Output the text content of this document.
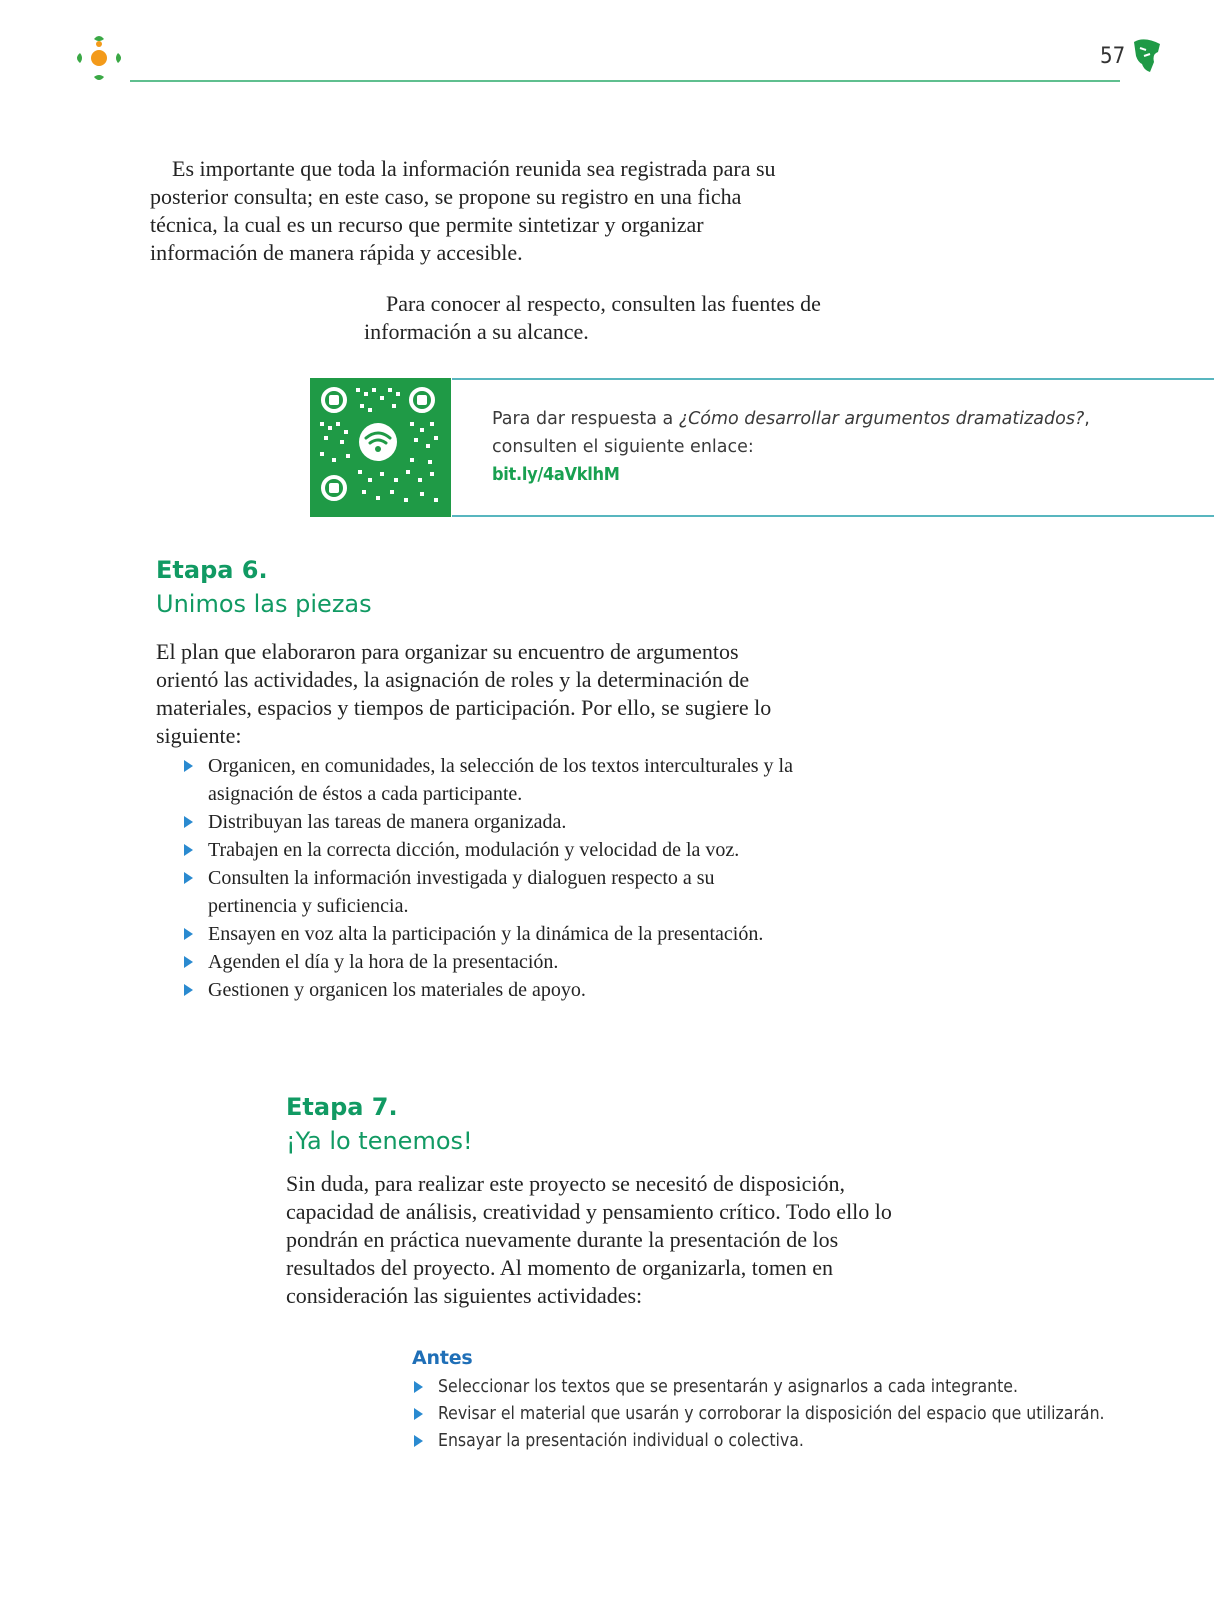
57
Es importante que toda la información reunida sea registrada para su posterior consulta; en este caso, se propone su registro en una ficha técnica, la cual es un recurso que permite sintetizar y organizar información de manera rápida y accesible.
Para conocer al respecto, consulten las fuentes de información a su alcance.
Para dar respuesta a ¿Cómo desarrollar argumentos dramatizados?,
consulten el siguiente enlace:
bit.ly/4aVklhM
Etapa 6.
Unimos las piezas
El plan que elaboraron para organizar su encuentro de argumentos orientó las actividades, la asignación de roles y la determinación de materiales, espacios y tiempos de participación. Por ello, se sugiere lo siguiente:
Organicen, en comunidades, la selección de los textos interculturales y la asignación de éstos a cada participante.
Distribuyan las tareas de manera organizada.
Trabajen en la correcta dicción, modulación y velocidad de la voz.
Consulten la información investigada y dialoguen respecto a su pertinencia y suficiencia.
Ensayen en voz alta la participación y la dinámica de la presentación.
Agenden el día y la hora de la presentación.
Gestionen y organicen los materiales de apoyo.
Etapa 7.
¡Ya lo tenemos!
Sin duda, para realizar este proyecto se necesitó de disposición, capacidad de análisis, creatividad y pensamiento crítico. Todo ello lo pondrán en práctica nuevamente durante la presentación de los resultados del proyecto. Al momento de organizarla, tomen en consideración las siguientes actividades:
Antes
Seleccionar los textos que se presentarán y asignarlos a cada integrante.
Revisar el material que usarán y corroborar la disposición del espacio que utilizarán.
Ensayar la presentación individual o colectiva.
